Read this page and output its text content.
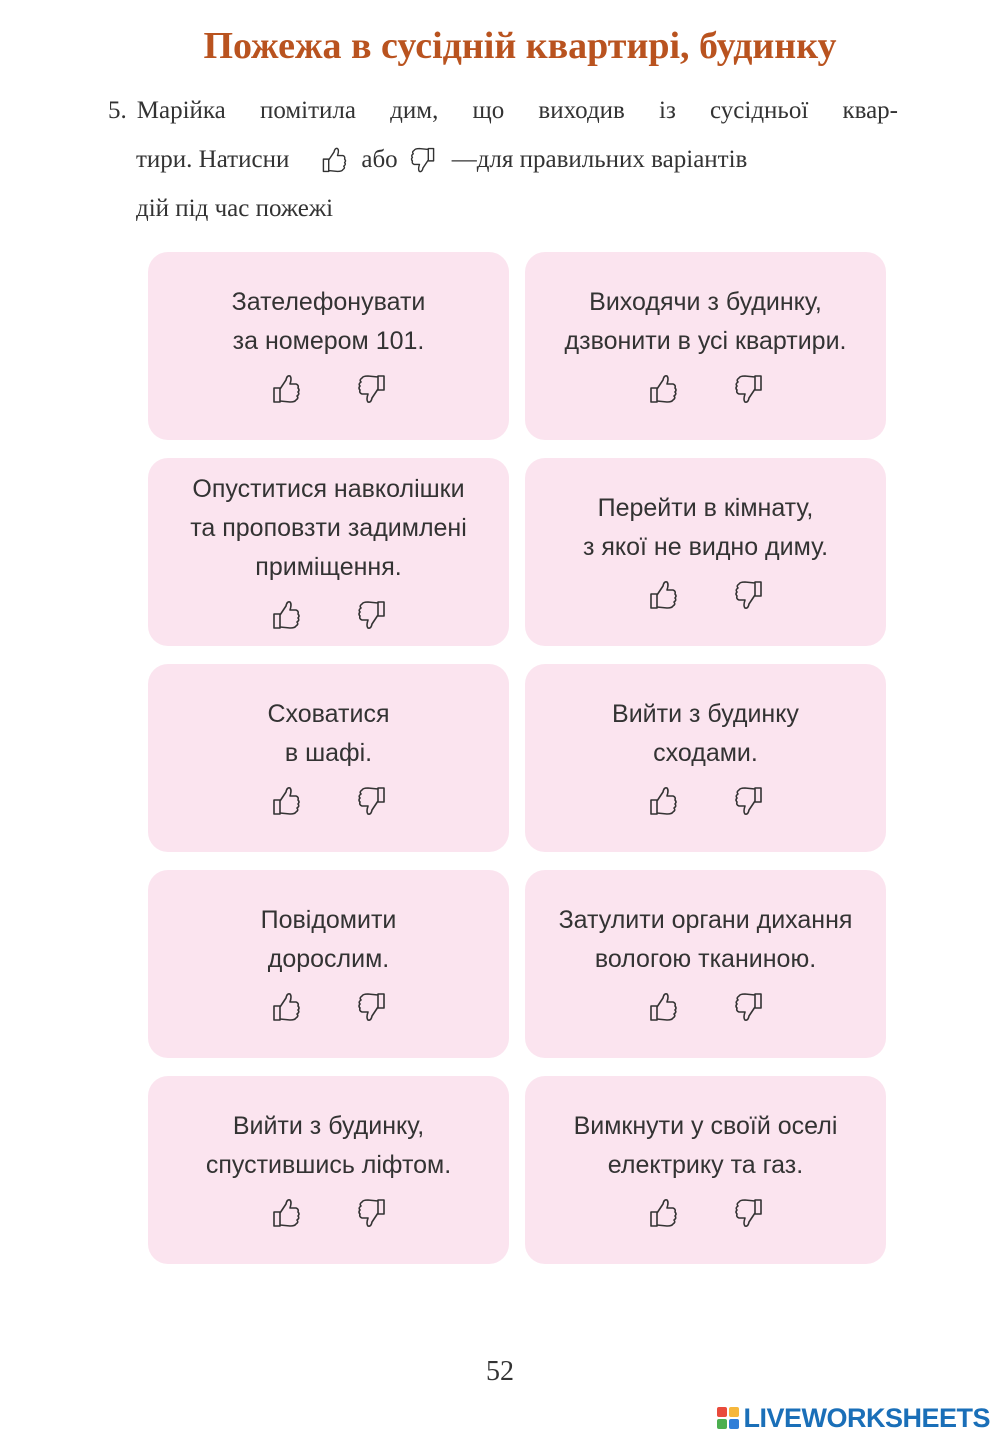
Пожежа в сусідній квартирі, будинку
5. Марійка помітила дим, що виходив із сусідньої квар-
тири. Натисни	або —для правильних варіантів
дій під час пожежі
Зателефонувати
за номером 101.
Виходячи з будинку,
дзвонити в усі квартири.
Опуститися навколішки
та проповзти задимлені
приміщення.
Перейти в кімнату,
з якої не видно диму.
Сховатися
в шафі.
Вийти з будинку
сходами.
Повідомити
дорослим.
Затулити органи дихання
вологою тканиною.
Вийти з будинку,
спустившись ліфтом.
Вимкнути у своїй оселі
електрику та газ.
52
LIVEWORKSHEETS
